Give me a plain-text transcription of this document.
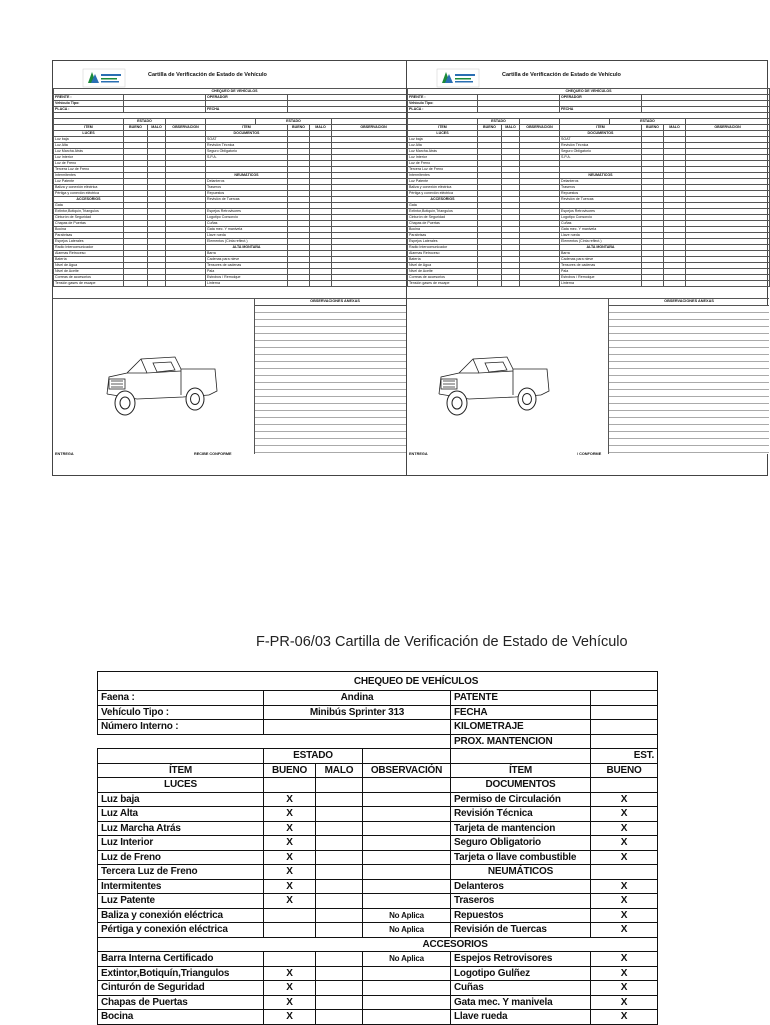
Cartilla de Verificación de Estado de Vehículo
CHEQUEO DE VEHÍCULOS								
FRENTE :				OPERADOR				
Vehículo Tipo:								
PLACA :				FECHA				

	ESTADO				ESTADO			
ITEM	BUENO	MALO	OBSERVACION	ITEM		BUENO	MALO	OBSERVACION
LUCES				DOCUMENTOS				
Luz baja				SOAT				
Luz Alta				Revisión Técnica				
Luz Marcha Atrás				Seguro Obligatorio				
Luz Interior				S.P.A.				
Luz de Freno								
Tercera Luz de Freno								
Intermitentes				NEUMÁTICOS				
Luz Patente				Delanteros				
Baliza y conexión eléctrica				Traseros				
Pértiga y conexión eléctrica				Repuestos				
ACCESORIOS				Revisión de Tuercas				
Gata								
Extintor,Botiquín,Triangulos				Espejos Retrovisores				
Cinturón de Seguridad				Logotipo Consorcio				
Chapas de Puertas				Cuñas				
Bocina				Gata mec. Y manivela				
Parabrisas				Llave rueda				
Espejos Laterales				Elementos (Cinta reflect.)				
Radio Intercomunicador				ALTA MONTAÑA				
Alarmas Retroceso				Barra				
Batería				Cadenas para nieve				
Nivel de Agua				Tensores de cadenas				
Nivel de Aceite				Pala				
Correas de accesorios				Estrobos / Remolque				
Tensión gases de escape				Linterna				
OBSERVACIONES ANEXAS
ENTREGA	RECIBE CONFORME
Cartilla de Verificación de Estado de Vehículo
CHEQUEO DE VEHÍCULOS								
FRENTE :				OPERADOR				
Vehículo Tipo:								
PLACA :				FECHA				

	ESTADO				ESTADO			
ITEM	BUENO	MALO	OBSERVACION	ITEM		BUENO	MALO	OBSERVACION
LUCES				DOCUMENTOS				
Luz baja				SOAT				
Luz Alta				Revisión Técnica				
Luz Marcha Atrás				Seguro Obligatorio				
Luz Interior				S.P.A.				
Luz de Freno								
Tercera Luz de Freno								
Intermitentes				NEUMÁTICOS				
Luz Patente				Delanteros				
Baliza y conexión eléctrica				Traseros				
Pértiga y conexión eléctrica				Repuestos				
ACCESORIOS				Revisión de Tuercas				
Gata								
Extintor,Botiquín,Triangulos				Espejos Retrovisores				
Cinturón de Seguridad				Logotipo Consorcio				
Chapas de Puertas				Cuñas				
Bocina				Gata mec. Y manivela				
Parabrisas				Llave rueda				
Espejos Laterales				Elementos (Cinta reflect.)				
Radio Intercomunicador				ALTA MONTAÑA				
Alarmas Retroceso				Barra				
Batería				Cadenas para nieve				
Nivel de Agua				Tensores de cadenas				
Nivel de Aceite				Pala				
Correas de accesorios				Estrobos / Remolque				
Tensión gases de escape				Linterna				
OBSERVACIONES ANEXAS
ENTREGA	/ CONFORME
F-PR-06/03 Cartilla de Verificación de Estado de Vehículo
CHEQUEO DE VEHÍCULOS					
Faena :	Andina			PATENTE	
Vehículo Tipo :	Minibús Sprinter 313			FECHA	
Número Interno :				KILOMETRAJE	
				PROX. MANTENCION	
	ESTADO				EST.
ÍTEM	BUENO	MALO	OBSERVACIÓN	ÍTEM	BUENO
LUCES				DOCUMENTOS	
Luz baja	X			Permiso de Circulación	X
Luz Alta	X			Revisión Técnica	X
Luz Marcha Atrás	X			Tarjeta de mantencion	X
Luz Interior	X			Seguro Obligatorio	X
Luz de Freno	X			Tarjeta o llave combustible	X
Tercera Luz de Freno	X			NEUMÁTICOS	
Intermitentes	X			Delanteros	X
Luz Patente	X			Traseros	X
Baliza y conexión eléctrica			No Aplica	Repuestos	X
Pértiga y conexión eléctrica			No Aplica	Revisión de Tuercas	X
				ACCESORIOS	
Barra Interna Certificado			No Aplica	Espejos Retrovisores	X
Extintor,Botiquín,Triangulos	X			Logotipo Gulñez	X
Cinturón de Seguridad	X			Cuñas	X
Chapas de Puertas	X			Gata mec. Y manivela	X
Bocina	X			Llave rueda	X
